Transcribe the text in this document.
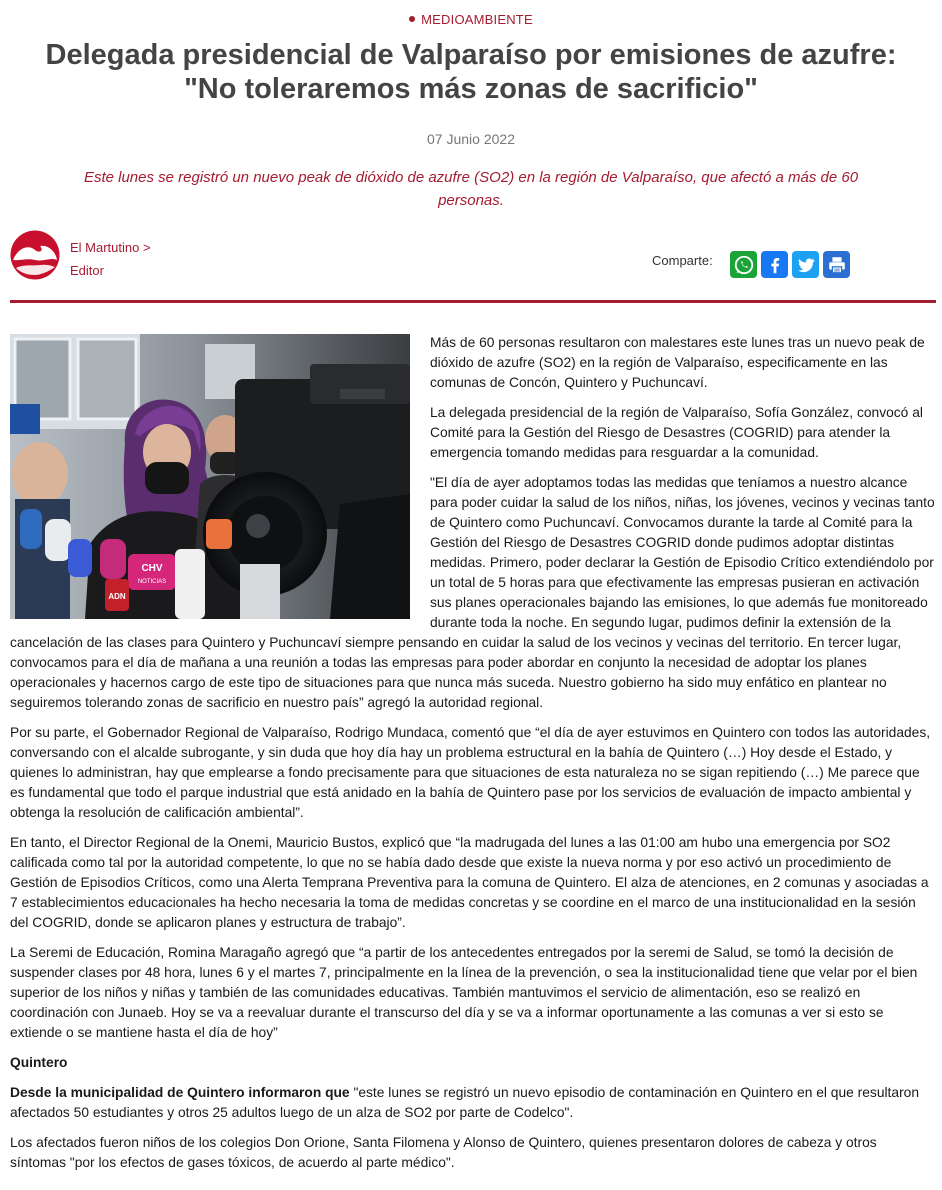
MEDIOAMBIENTE
Delegada presidencial de Valparaíso por emisiones de azufre: "No toleraremos más zonas de sacrificio"
07 Junio 2022

Este lunes se registró un nuevo peak de dióxido de azufre (SO2) en la región de Valparaíso, que afectó a más de 60 personas.

El Martutino >
Editor
Comparte:
CHV
NOTICIAS
ADN

Más de 60 personas resultaron con malestares este lunes tras un nuevo peak de dióxido de azufre (SO2) en la región de Valparaíso, especificamente en las comunas de Concón, Quintero y Puchuncaví.

La delegada presidencial de la región de Valparaíso, Sofía González, convocó al Comité para la Gestión del Riesgo de Desastres (COGRID) para atender la emergencia tomando medidas para resguardar a la comunidad.

"El día de ayer adoptamos todas las medidas que teníamos a nuestro alcance para poder cuidar la salud de los niños, niñas, los jóvenes, vecinos y vecinas tanto de Quintero como Puchuncaví. Convocamos durante la tarde al Comité para la Gestión del Riesgo de Desastres COGRID donde pudimos adoptar distintas medidas. Primero, poder declarar la Gestión de Episodio Crítico extendiéndolo por un total de 5 horas para que efectivamente las empresas pusieran en activación sus planes operacionales bajando las emisiones, lo que además fue monitoreado durante toda la noche. En segundo lugar, pudimos definir la extensión de la cancelación de las clases para Quintero y Puchuncaví siempre pensando en cuidar la salud de los vecinos y vecinas del territorio. En tercer lugar, convocamos para el día de mañana a una reunión a todas las empresas para poder abordar en conjunto la necesidad de adoptar los planes operacionales y hacernos cargo de este tipo de situaciones para que nunca más suceda. Nuestro gobierno ha sido muy enfático en plantear no seguiremos tolerando zonas de sacrificio en nuestro país” agregó la autoridad regional.

Por su parte, el Gobernador Regional de Valparaíso, Rodrigo Mundaca, comentó que “el día de ayer estuvimos en Quintero con todos las autoridades, conversando con el alcalde subrogante, y sin duda que hoy día hay un problema estructural en la bahía de Quintero (…) Hoy desde el Estado, y quienes lo administran, hay que emplearse a fondo precisamente para que situaciones de esta naturaleza no se sigan repitiendo (…) Me parece que es fundamental que todo el parque industrial que está anidado en la bahía de Quintero pase por los servicios de evaluación de impacto ambiental y obtenga la resolución de calificación ambiental”.

En tanto, el Director Regional de la Onemi, Mauricio Bustos, explicó que “la madrugada del lunes a las 01:00 am hubo una emergencia por SO2 calificada como tal por la autoridad competente, lo que no se había dado desde que existe la nueva norma y por eso activó un procedimiento de Gestión de Episodios Críticos, como una Alerta Temprana Preventiva para la comuna de Quintero. El alza de atenciones, en 2 comunas y asociadas a 7 establecimientos educacionales ha hecho necesaria la toma de medidas concretas y se coordine en el marco de una institucionalidad en la sesión del COGRID, donde se aplicaron planes y estructura de trabajo”.

La Seremi de Educación, Romina Maragaño agregó que “a partir de los antecedentes entregados por la seremi de Salud, se tomó la decisión de suspender clases por 48 hora, lunes 6 y el martes 7, principalmente en la línea de la prevención, o sea la institucionalidad tiene que velar por el bien superior de los niños y niñas y también de las comunidades educativas. También mantuvimos el servicio de alimentación, eso se realizó en coordinación con Junaeb. Hoy se va a reevaluar durante el transcurso del día y se va a informar oportunamente a las comunas a ver si esto se extiende o se mantiene hasta el día de hoy”

Quintero

Desde la municipalidad de Quintero informaron que "este lunes se registró un nuevo episodio de contaminación en Quintero en el que resultaron afectados 50 estudiantes y otros 25 adultos luego de un alza de SO2 por parte de Codelco".

Los afectados fueron niños de los colegios Don Orione, Santa Filomena y Alonso de Quintero, quienes presentaron dolores de cabeza y otros síntomas "por los efectos de gases tóxicos, de acuerdo al parte médico".
